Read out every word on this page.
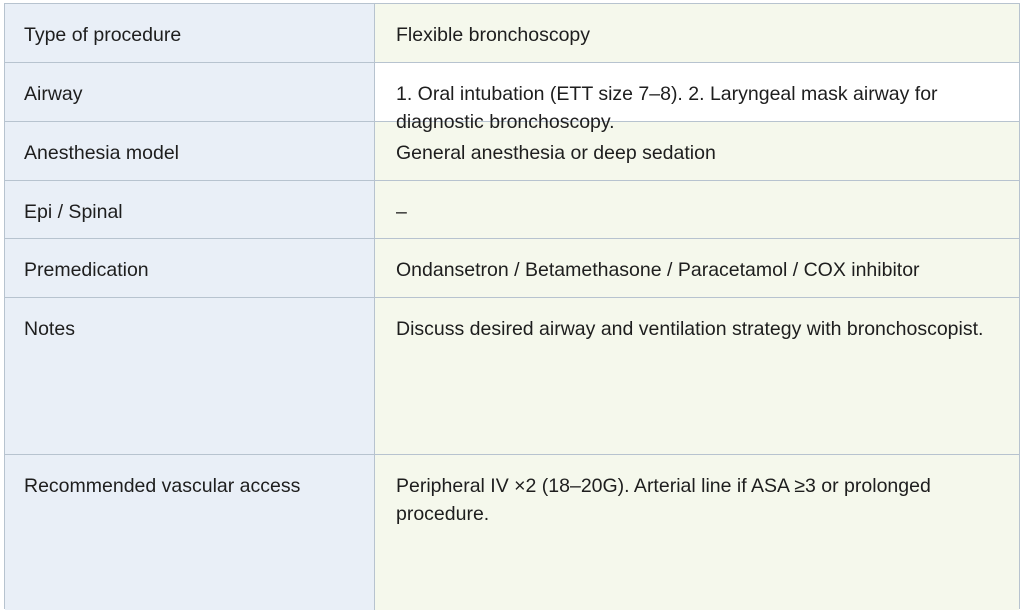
Type of procedure	Flexible bronchoscopy
Airway	1. Oral intubation (ETT size 7–8). 2. Laryngeal mask airway for diagnostic bronchoscopy.
Anesthesia model	General anesthesia or deep sedation
Epi / Spinal	–
Premedication	Ondansetron / Betamethasone / Paracetamol / COX inhibitor
Notes	Discuss desired airway and ventilation strategy with bronchoscopist.
Recommended vascular access	Peripheral IV ×2 (18–20G). Arterial line if ASA ≥3 or prolonged procedure.
